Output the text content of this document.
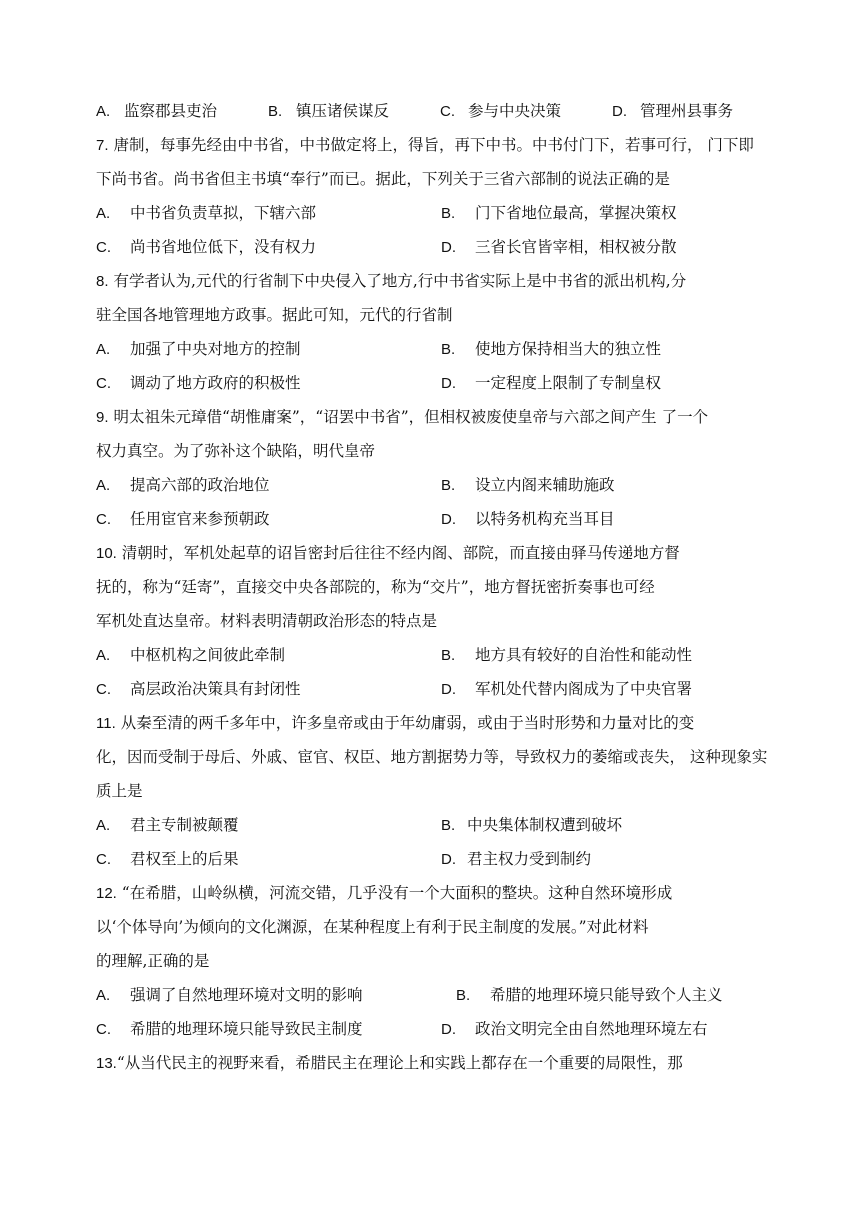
A. 监察郡县吏治	B. 镇压诸侯谋反	C. 参与中央决策	D. 管理州县事务
7. 唐制，每事先经由中书省，中书做定将上，得旨，再下中书。中书付门下，若事可行， 门下即
下尚书省。尚书省但主书填“奉行”而已。据此，下列关于三省六部制的说法正确的是
A. 中书省负责草拟，下辖六部	B. 门下省地位最高，掌握决策权
C. 尚书省地位低下，没有权力	D. 三省长官皆宰相，相权被分散
8. 有学者认为,元代的行省制下中央侵入了地方,行中书省实际上是中书省的派出机构,分
驻全国各地管理地方政事。据此可知，元代的行省制
A. 加强了中央对地方的控制	B. 使地方保持相当大的独立性
C. 调动了地方政府的积极性	D. 一定程度上限制了专制皇权
9. 明太祖朱元璋借“胡惟庸案”，“诏罢中书省”，但相权被废使皇帝与六部之间产生 了一个
权力真空。为了弥补这个缺陷，明代皇帝
A. 提高六部的政治地位	B. 设立内阁来辅助施政
C. 任用宦官来参预朝政	D. 以特务机构充当耳目
10. 清朝时，军机处起草的诏旨密封后往往不经内阁、部院，而直接由驿马传递地方督
抚的，称为“廷寄”，直接交中央各部院的，称为“交片”，地方督抚密折奏事也可经
军机处直达皇帝。材料表明清朝政治形态的特点是
A. 中枢机构之间彼此牵制	B. 地方具有较好的自治性和能动性
C. 高层政治决策具有封闭性	D. 军机处代替内阁成为了中央官署
11. 从秦至清的两千多年中，许多皇帝或由于年幼庸弱，或由于当时形势和力量对比的变
化，因而受制于母后、外戚、宦官、权臣、地方割据势力等，导致权力的萎缩或丧失， 这种现象实
质上是
A. 君主专制被颠覆	B. 中央集体制权遭到破坏
C. 君权至上的后果	D. 君主权力受到制约
12. “在希腊，山岭纵横，河流交错，几乎没有一个大面积的整块。这种自然环境形成
以‘个体导向’为倾向的文化渊源，在某种程度上有利于民主制度的发展。”对此材料
的理解,正确的是
A. 强调了自然地理环境对文明的影响	B. 希腊的地理环境只能导致个人主义
C. 希腊的地理环境只能导致民主制度	D. 政治文明完全由自然地理环境左右
13.“从当代民主的视野来看，希腊民主在理论上和实践上都存在一个重要的局限性，那
